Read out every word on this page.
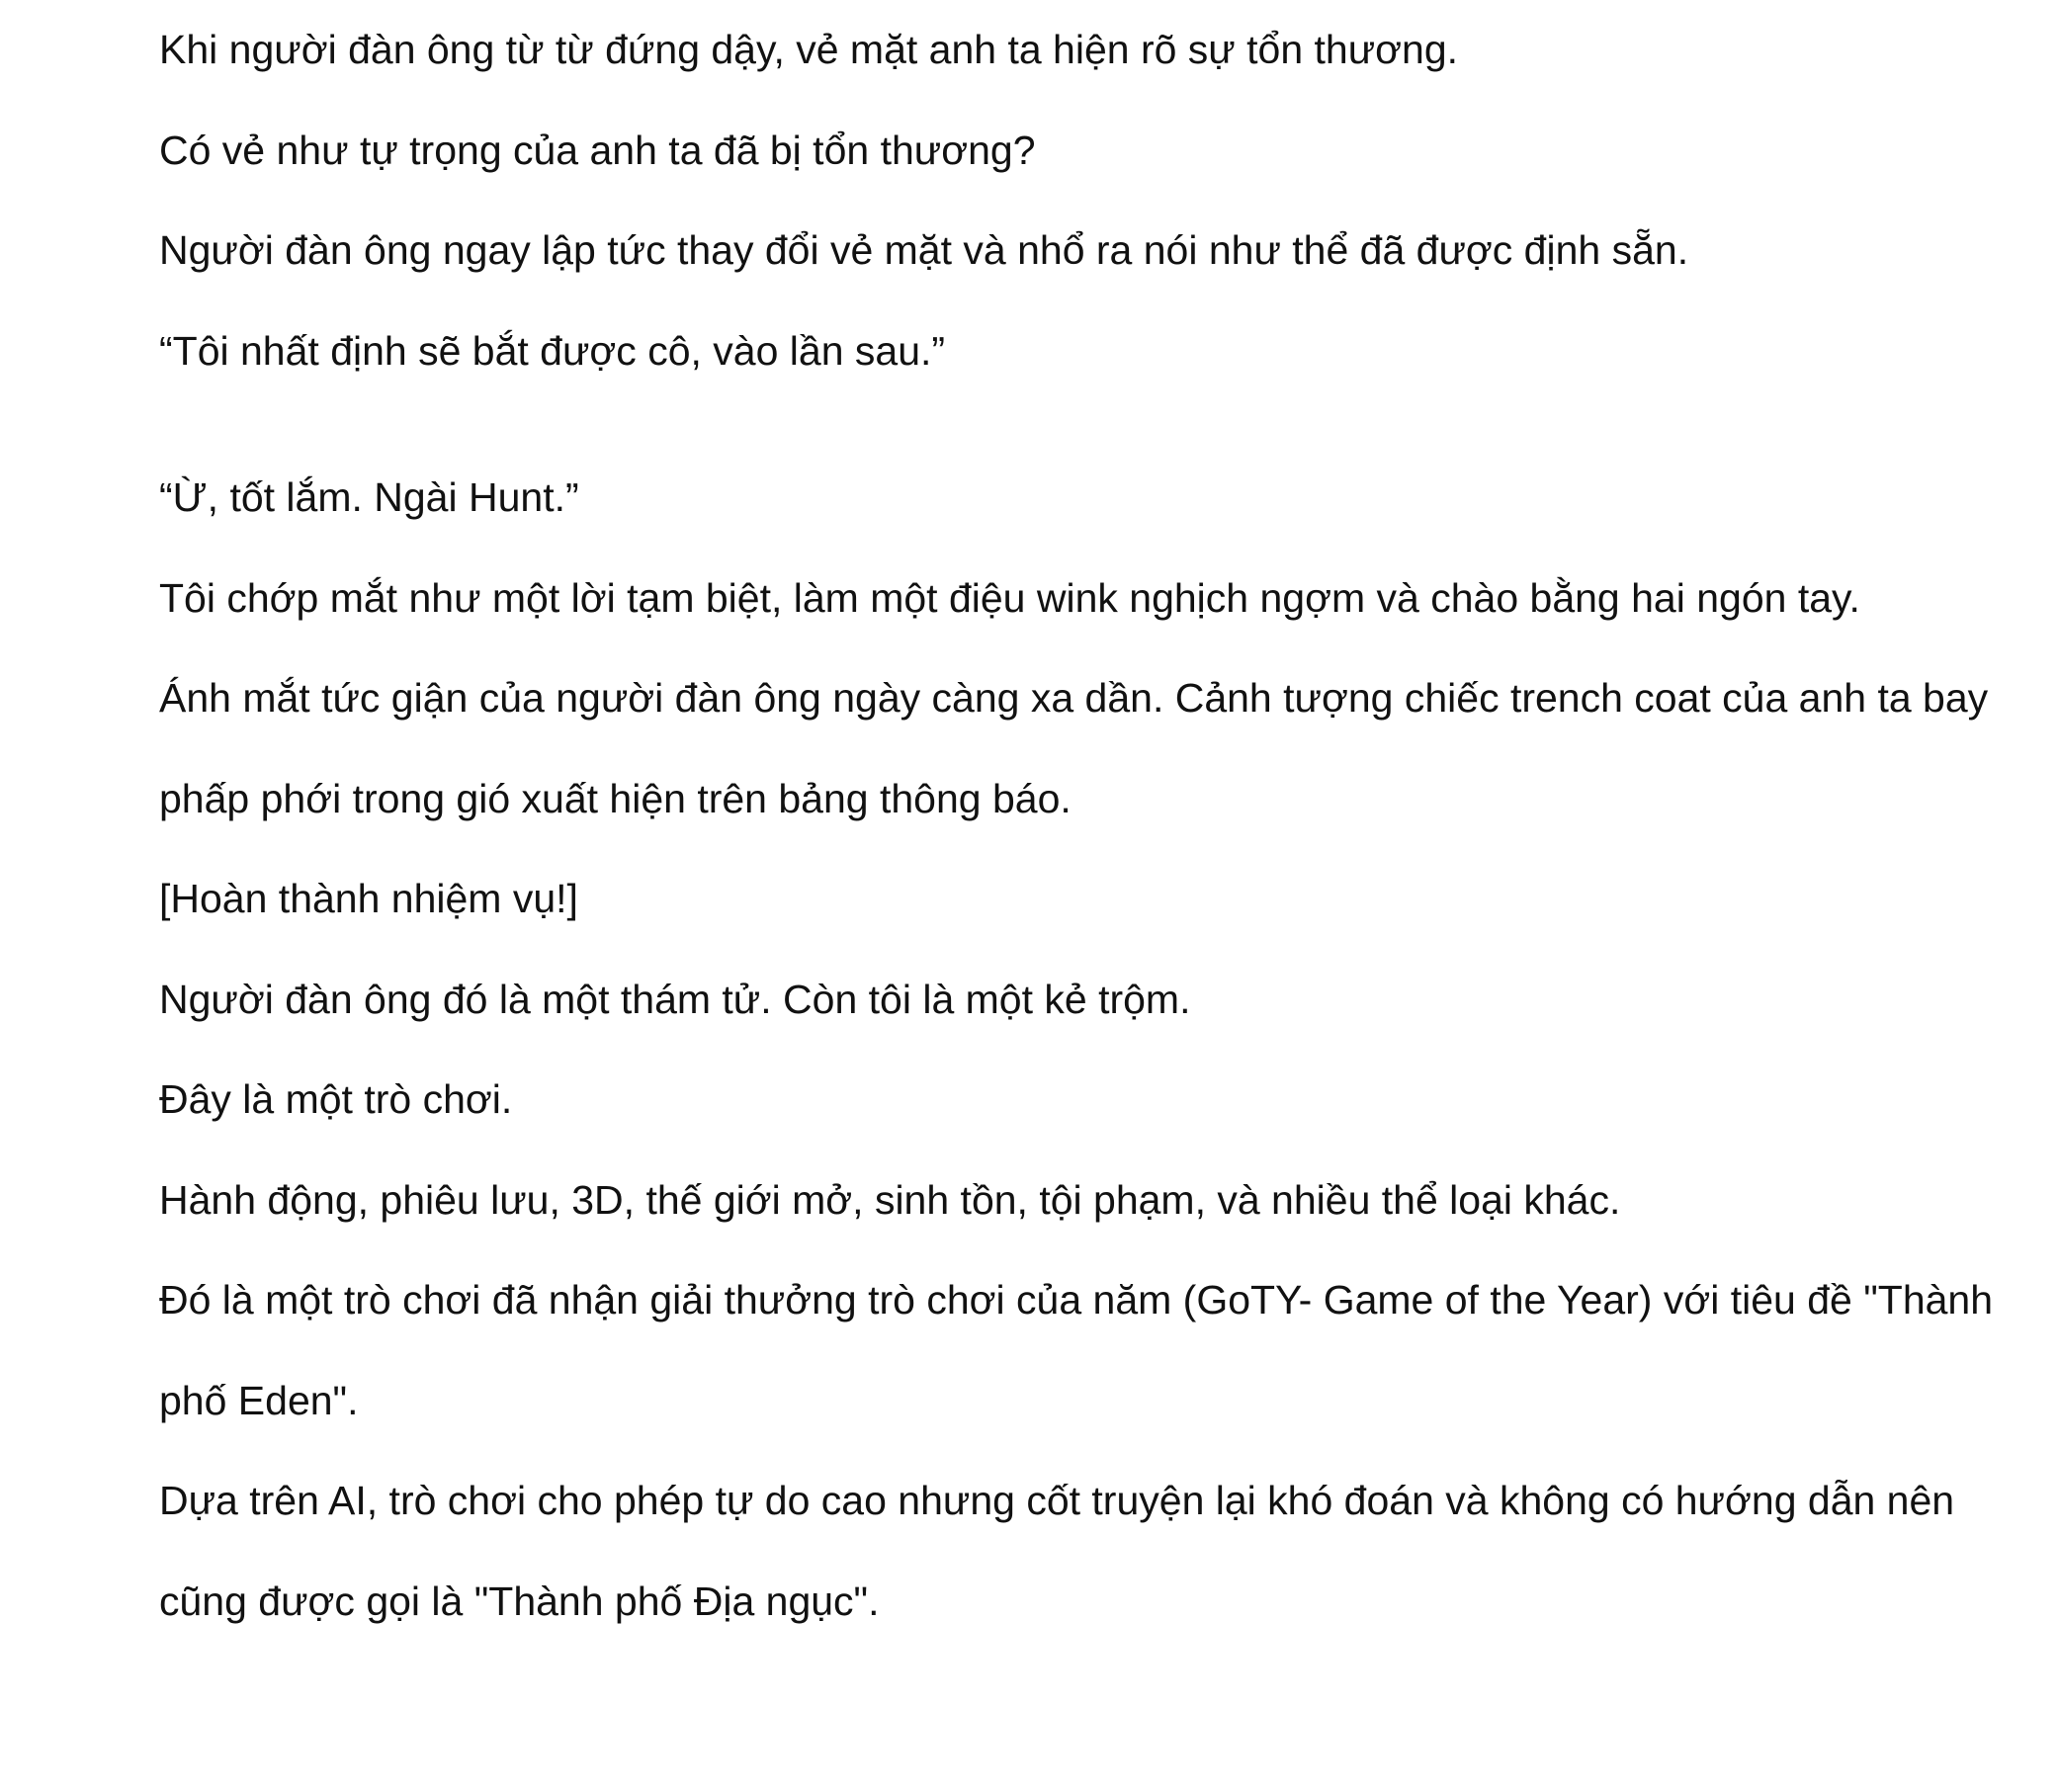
Khi người đàn ông từ từ đứng dậy, vẻ mặt anh ta hiện rõ sự tổn thương.

Có vẻ như tự trọng của anh ta đã bị tổn thương?

Người đàn ông ngay lập tức thay đổi vẻ mặt và nhổ ra nói như thể đã được định sẵn.

“Tôi nhất định sẽ bắt được cô, vào lần sau.”

“Ừ, tốt lắm. Ngài Hunt.”

Tôi chớp mắt như một lời tạm biệt, làm một điệu wink nghịch ngợm và chào bằng hai ngón tay.

Ánh mắt tức giận của người đàn ông ngày càng xa dần. Cảnh tượng chiếc trench coat của anh ta bay phấp phới trong gió xuất hiện trên bảng thông báo.

[Hoàn thành nhiệm vụ!]

Người đàn ông đó là một thám tử. Còn tôi là một kẻ trộm.

Đây là một trò chơi.

Hành động, phiêu lưu, 3D, thế giới mở, sinh tồn, tội phạm, và nhiều thể loại khác.

Đó là một trò chơi đã nhận giải thưởng trò chơi của năm (GoTY- Game of the Year) với tiêu đề "Thành phố Eden".

Dựa trên AI, trò chơi cho phép tự do cao nhưng cốt truyện lại khó đoán và không có hướng dẫn nên cũng được gọi là "Thành phố Địa ngục".
